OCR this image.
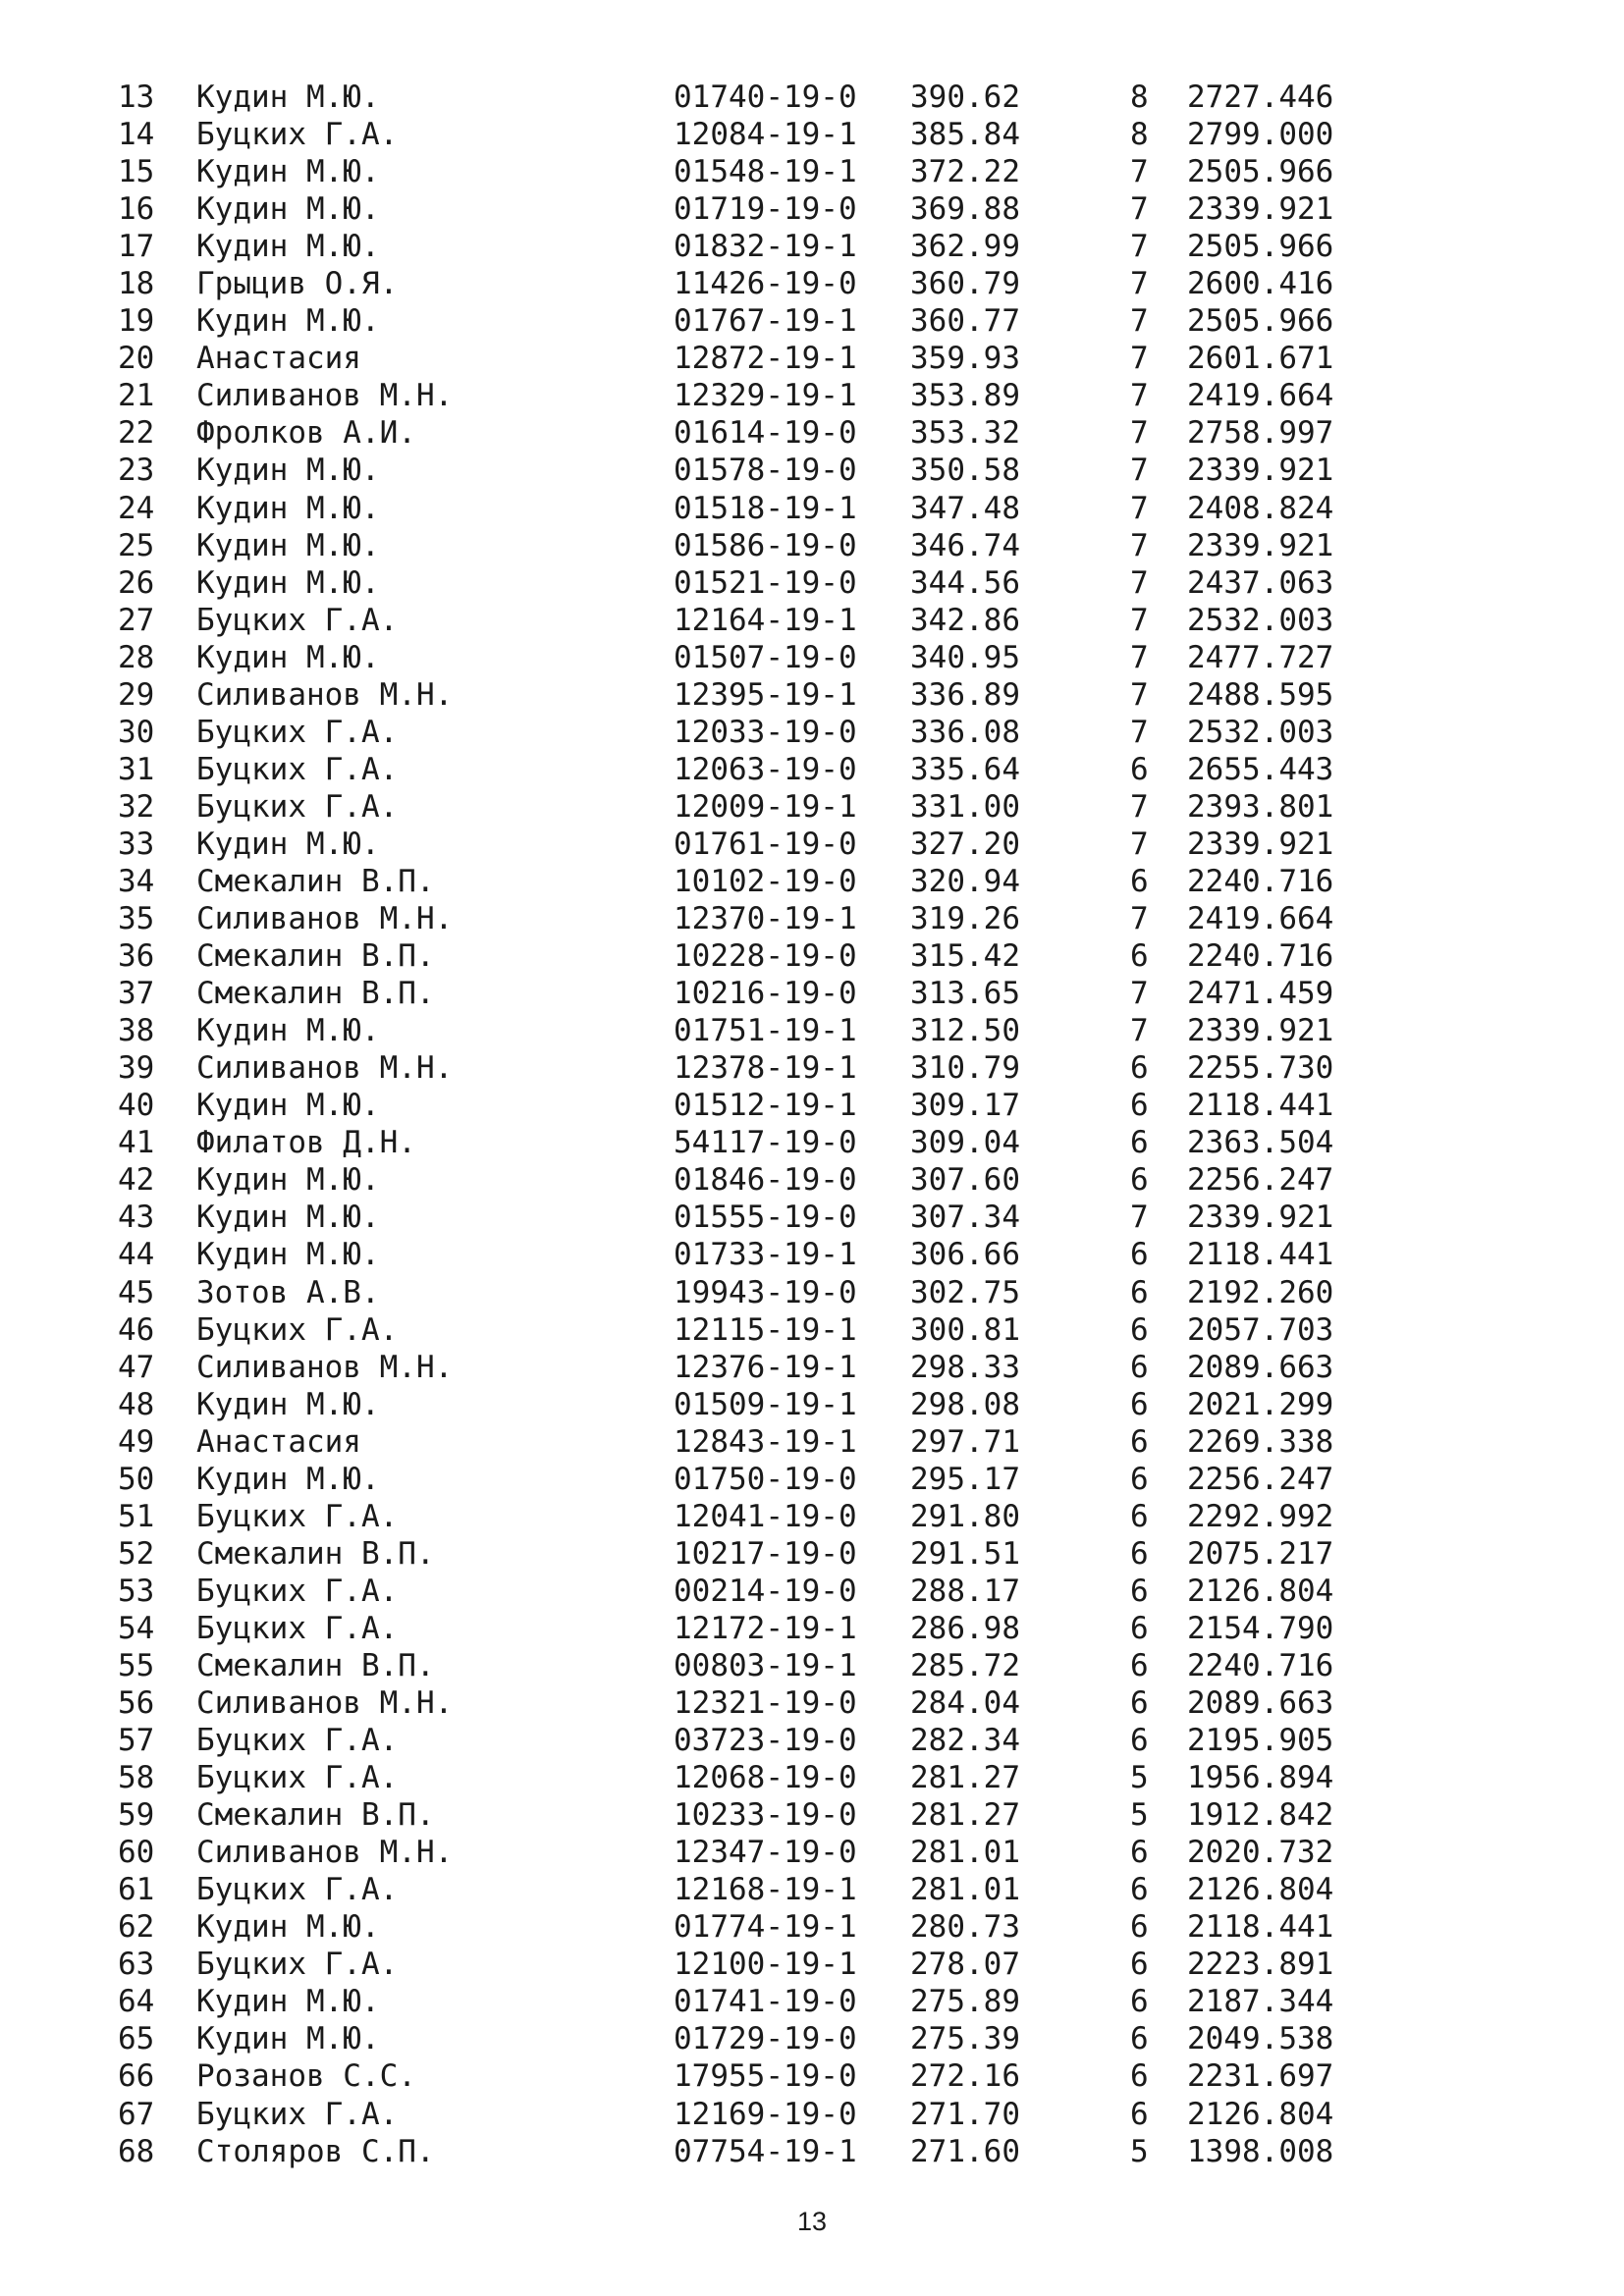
13 Кудин М.Ю.	01740-19-0 390.62	8 2727.446
14 Буцких Г.А.	12084-19-1 385.84	8 2799.000
15 Кудин М.Ю.	01548-19-1 372.22	7 2505.966
16 Кудин М.Ю.	01719-19-0 369.88	7 2339.921
17 Кудин М.Ю.	01832-19-1 362.99	7 2505.966
18 Грыцив О.Я.	11426-19-0 360.79	7 2600.416
19 Кудин М.Ю.	01767-19-1 360.77	7 2505.966
20 Анастасия	12872-19-1 359.93	7 2601.671
21 Силиванов М.Н.	12329-19-1 353.89	7 2419.664
22 Фролков А.И.	01614-19-0 353.32	7 2758.997
23 Кудин М.Ю.	01578-19-0 350.58	7 2339.921
24 Кудин М.Ю.	01518-19-1 347.48	7 2408.824
25 Кудин М.Ю.	01586-19-0 346.74	7 2339.921
26 Кудин М.Ю.	01521-19-0 344.56	7 2437.063
27 Буцких Г.А.	12164-19-1 342.86	7 2532.003
28 Кудин М.Ю.	01507-19-0 340.95	7 2477.727
29 Силиванов М.Н.	12395-19-1 336.89	7 2488.595
30 Буцких Г.А.	12033-19-0 336.08	7 2532.003
31 Буцких Г.А.	12063-19-0 335.64	6 2655.443
32 Буцких Г.А.	12009-19-1 331.00	7 2393.801
33 Кудин М.Ю.	01761-19-0 327.20	7 2339.921
34 Смекалин В.П.	10102-19-0 320.94	6 2240.716
35 Силиванов М.Н.	12370-19-1 319.26	7 2419.664
36 Смекалин В.П.	10228-19-0 315.42	6 2240.716
37 Смекалин В.П.	10216-19-0 313.65	7 2471.459
38 Кудин М.Ю.	01751-19-1 312.50	7 2339.921
39 Силиванов М.Н.	12378-19-1 310.79	6 2255.730
40 Кудин М.Ю.	01512-19-1 309.17	6 2118.441
41 Филатов Д.Н.	54117-19-0 309.04	6 2363.504
42 Кудин М.Ю.	01846-19-0 307.60	6 2256.247
43 Кудин М.Ю.	01555-19-0 307.34	7 2339.921
44 Кудин М.Ю.	01733-19-1 306.66	6 2118.441
45 Зотов А.В.	19943-19-0 302.75	6 2192.260
46 Буцких Г.А.	12115-19-1 300.81	6 2057.703
47 Силиванов М.Н.	12376-19-1 298.33	6 2089.663
48 Кудин М.Ю.	01509-19-1 298.08	6 2021.299
49 Анастасия	12843-19-1 297.71	6 2269.338
50 Кудин М.Ю.	01750-19-0 295.17	6 2256.247
51 Буцких Г.А.	12041-19-0 291.80	6 2292.992
52 Смекалин В.П.	10217-19-0 291.51	6 2075.217
53 Буцких Г.А.	00214-19-0 288.17	6 2126.804
54 Буцких Г.А.	12172-19-1 286.98	6 2154.790
55 Смекалин В.П.	00803-19-1 285.72	6 2240.716
56 Силиванов М.Н.	12321-19-0 284.04	6 2089.663
57 Буцких Г.А.	03723-19-0 282.34	6 2195.905
58 Буцких Г.А.	12068-19-0 281.27	5 1956.894
59 Смекалин В.П.	10233-19-0 281.27	5 1912.842
60 Силиванов М.Н.	12347-19-0 281.01	6 2020.732
61 Буцких Г.А.	12168-19-1 281.01	6 2126.804
62 Кудин М.Ю.	01774-19-1 280.73	6 2118.441
63 Буцких Г.А.	12100-19-1 278.07	6 2223.891
64 Кудин М.Ю.	01741-19-0 275.89	6 2187.344
65 Кудин М.Ю.	01729-19-0 275.39	6 2049.538
66 Розанов С.С.	17955-19-0 272.16	6 2231.697
67 Буцких Г.А.	12169-19-0 271.70	6 2126.804
68 Столяров С.П.	07754-19-1 271.60	5 1398.008
13
